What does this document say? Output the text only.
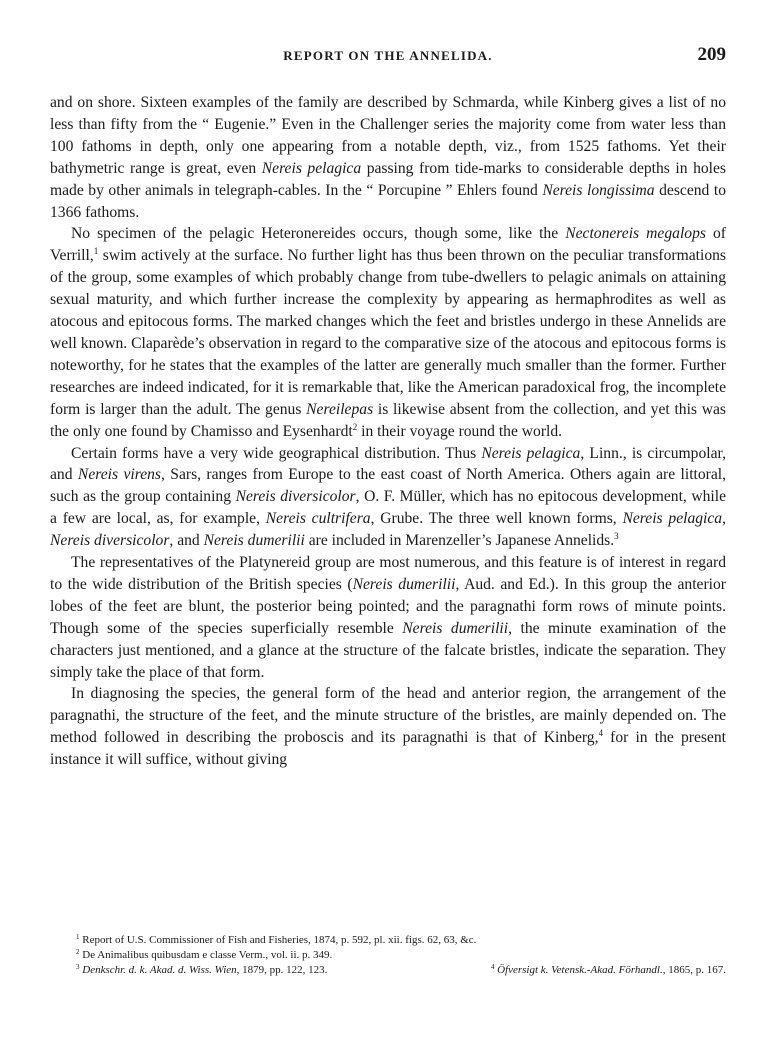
REPORT ON THE ANNELIDA.	209

and on shore. Sixteen examples of the family are described by Schmarda, while Kinberg gives a list of no less than fifty from the “ Eugenie.” Even in the Challenger series the majority come from water less than 100 fathoms in depth, only one appearing from a notable depth, viz., from 1525 fathoms. Yet their bathymetric range is great, even Nereis pelagica passing from tide-marks to considerable depths in holes made by other animals in telegraph-cables. In the “ Porcupine ” Ehlers found Nereis longissima descend to 1366 fathoms.

No specimen of the pelagic Heteronereides occurs, though some, like the Nectonereis megalops of Verrill,$^1$ swim actively at the surface. No further light has thus been thrown on the peculiar transformations of the group, some examples of which probably change from tube-dwellers to pelagic animals on attaining sexual maturity, and which further increase the complexity by appearing as hermaphrodites as well as atocous and epitocous forms. The marked changes which the feet and bristles undergo in these Annelids are well known. Claparède’s observation in regard to the comparative size of the atocous and epitocous forms is noteworthy, for he states that the examples of the latter are generally much smaller than the former. Further researches are indeed indicated, for it is remarkable that, like the American paradoxical frog, the incomplete form is larger than the adult. The genus Nereilepas is likewise absent from the collection, and yet this was the only one found by Chamisso and Eysenhardt$^2$ in their voyage round the world.

Certain forms have a very wide geographical distribution. Thus Nereis pelagica, Linn., is circumpolar, and Nereis virens, Sars, ranges from Europe to the east coast of North America. Others again are littoral, such as the group containing Nereis diversicolor, O. F. Müller, which has no epitocous development, while a few are local, as, for example, Nereis cultrifera, Grube. The three well known forms, Nereis pelagica, Nereis diversicolor, and Nereis dumerilii are included in Marenzeller’s Japanese Annelids.$^3$

The representatives of the Platynereid group are most numerous, and this feature is of interest in regard to the wide distribution of the British species (Nereis dumerilii, Aud. and Ed.). In this group the anterior lobes of the feet are blunt, the posterior being pointed; and the paragnathi form rows of minute points. Though some of the species superficially resemble Nereis dumerilii, the minute examination of the characters just mentioned, and a glance at the structure of the falcate bristles, indicate the separation. They simply take the place of that form.

In diagnosing the species, the general form of the head and anterior region, the arrangement of the paragnathi, the structure of the feet, and the minute structure of the bristles, are mainly depended on. The method followed in describing the proboscis and its paragnathi is that of Kinberg,$^4$ for in the present instance it will suffice, without giving

$^1$ Report of U.S. Commissioner of Fish and Fisheries, 1874, p. 592, pl. xii. figs. 62, 63, &c.
$^2$ De Animalibus quibusdam e classe Verm., vol. ii. p. 349.
$^3$ Denkschr. d. k. Akad. d. Wiss. Wien, 1879, pp. 122, 123.	$^4$ Öfversigt k. Vetensk.-Akad. Förhandl., 1865, p. 167.
